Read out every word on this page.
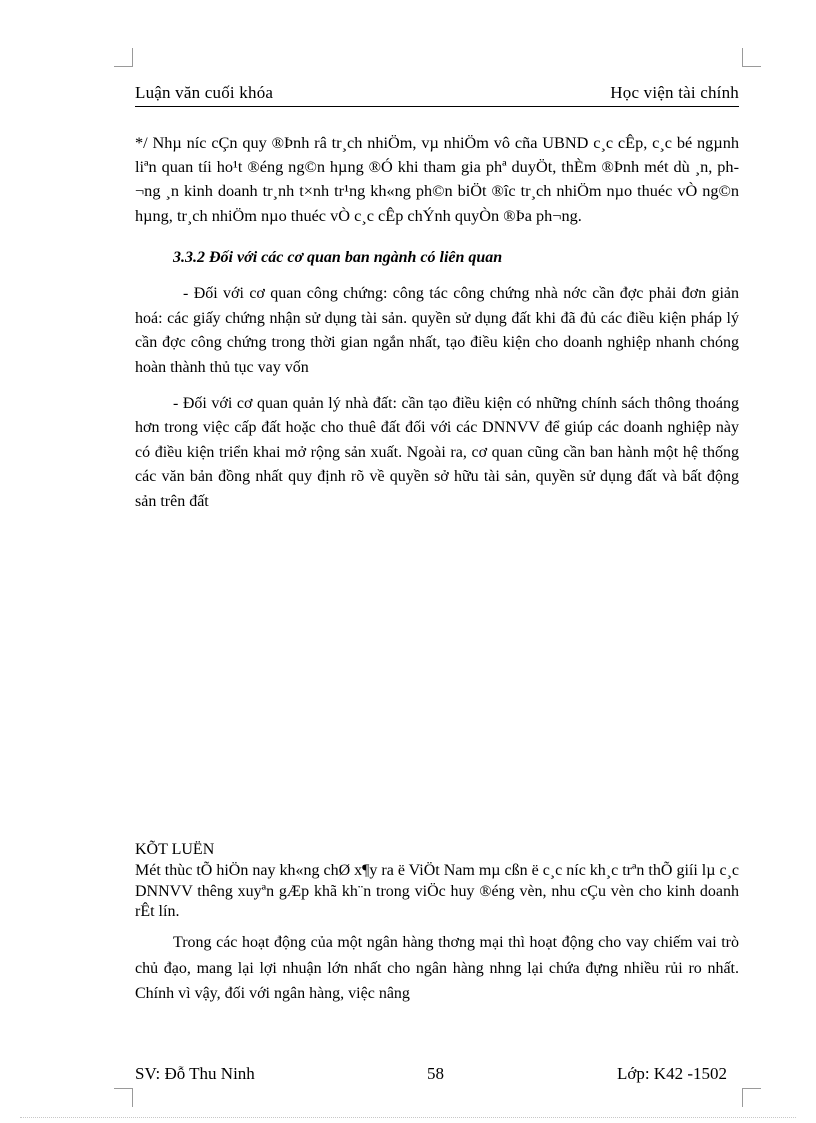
Luận văn cuối khóa	Học viện tài chính
*/ Nhµ níc cÇn quy ®Þnh râ tr¸ch nhiÖm, vµ nhiÖm vô cña UBND c¸c cÊp, c¸c bé ngµnh liªn quan tíi ho¹t ®éng ng©n hµng ®Ó khi tham gia phª duyÖt, thÈm ®Þnh mét dù ¸n, ph¬ng ¸n kinh doanh tr¸nh t×nh tr¹ng kh«ng ph©n biÖt ®îc tr¸ch nhiÖm nµo thuéc vÒ ng©n hµng, tr¸ch nhiÖm nµo thuéc vÒ c¸c cÊp chÝnh quyÒn ®Þa ph¬ng.
3.3.2 Đối với các cơ quan ban ngành có liên quan
- Đối với cơ quan công chứng: công tác công chứng nhà nớc cần đợc phải đơn giản hoá: các giấy chứng nhận sử dụng tài sản. quyền sử dụng đất khi đã đủ các điều kiện pháp lý cần đợc công chứng trong thời gian ngắn nhất, tạo điều kiện cho doanh nghiệp nhanh chóng hoàn thành thủ tục vay vốn
- Đối với cơ quan quản lý nhà đất: cần tạo điều kiện có những chính sách thông thoáng hơn trong việc cấp đất hoặc cho thuê đất đối với các DNNVV để giúp các doanh nghiệp này có điều kiện triển khai mở rộng sản xuất. Ngoài ra, cơ quan cũng cần ban hành một hệ thống các văn bản đồng nhất quy định rõ về quyền sở hữu tài sản, quyền sử dụng đất và bất động sản trên đất
KÕT LUËN
Mét thùc tÕ hiÖn nay kh«ng chØ x¶y ra ë ViÖt Nam mµ cßn ë c¸c níc kh¸c trªn thÕ giíi lµ c¸c DNNVV thêng xuyªn gÆp khã kh¨n trong viÖc huy ®éng vèn, nhu cÇu vèn cho kinh doanh rÊt lín.
Trong các hoạt động của một ngân hàng thơng mại thì hoạt động cho vay chiếm vai trò chủ đạo, mang lại lợi nhuận lớn nhất cho ngân hàng nhng lại chứa đựng nhiều rủi ro nhất. Chính vì vậy, đối với ngân hàng, việc nâng
SV: Đỗ Thu Ninh	58	Lớp: K42 -1502
